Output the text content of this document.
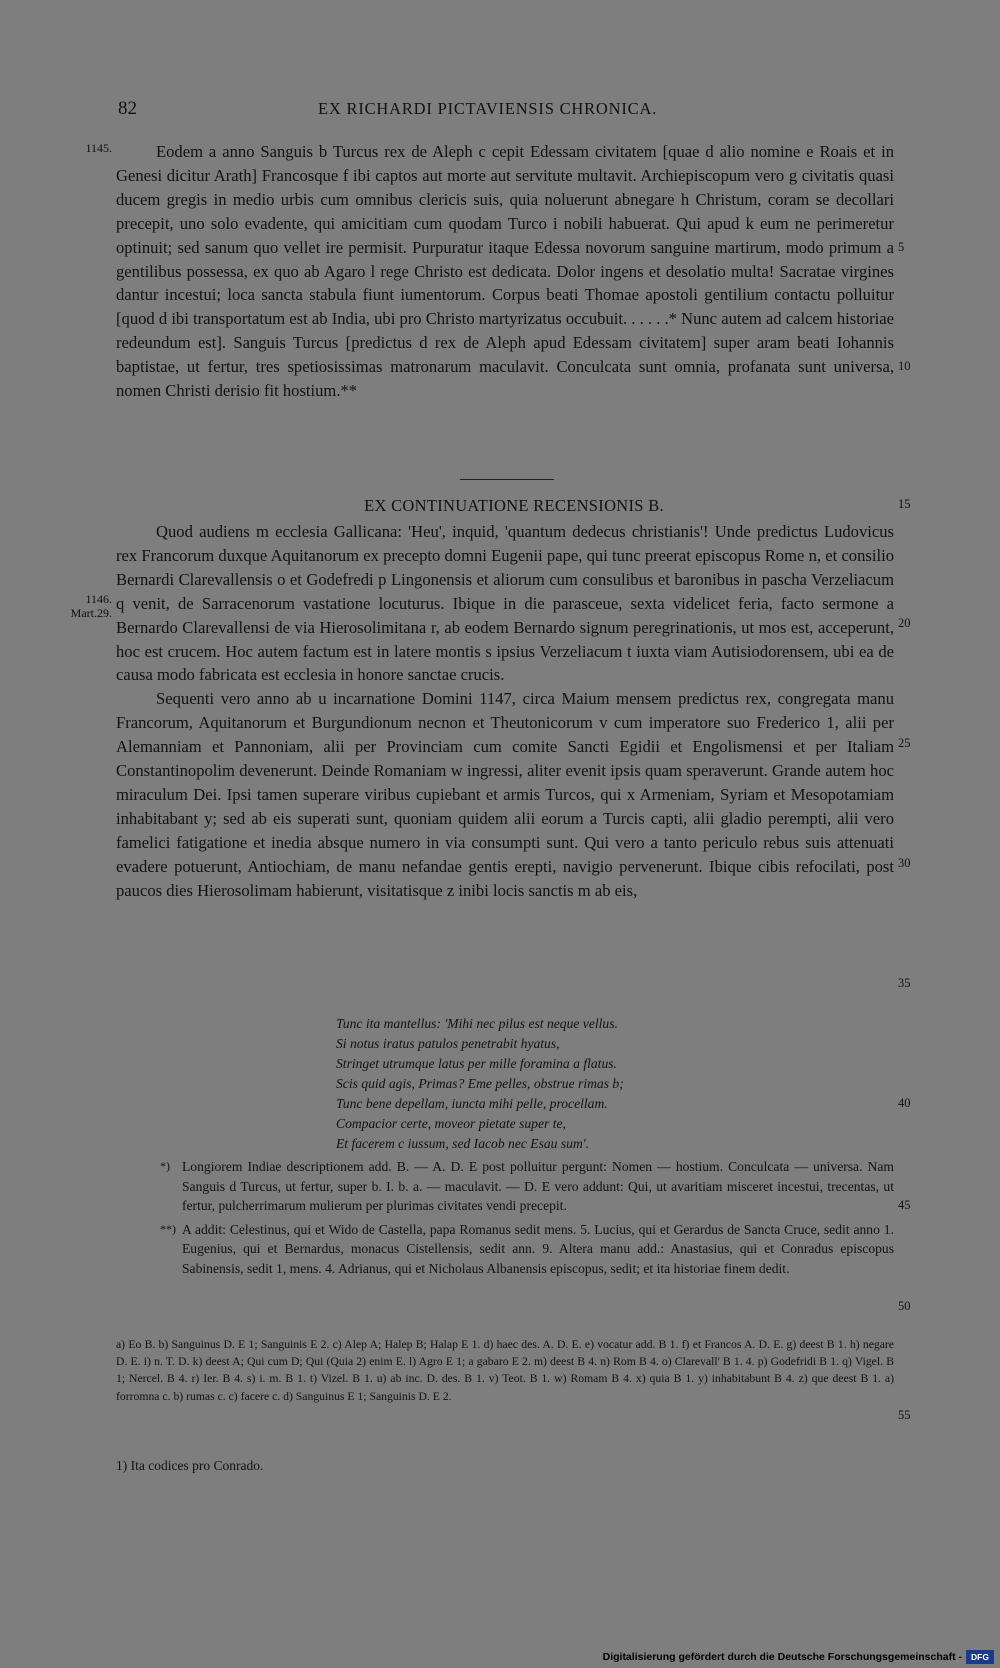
82	EX RICHARDI PICTAVIENSIS CHRONICA.
1145.
1146.
Mart.29.
5
10
15
20
25
30
35
40
45
50
55

Eodem a anno Sanguis b Turcus rex de Aleph c cepit Edessam civitatem [quae d alio nomine e Roais et in Genesi dicitur Arath] Francosque f ibi captos aut morte aut servitute multavit. Archiepiscopum vero g civitatis quasi ducem gregis in medio urbis cum omnibus clericis suis, quia noluerunt abnegare h Christum, coram se decollari precepit, uno solo evadente, qui amicitiam cum quodam Turco i nobili habuerat. Qui apud k eum ne perimeretur optinuit; sed sanum quo vellet ire permisit. Purpuratur itaque Edessa novorum sanguine martirum, modo primum a gentilibus possessa, ex quo ab Agaro l rege Christo est dedicata. Dolor ingens et desolatio multa! Sacratae virgines dantur incestui; loca sancta stabula fiunt iumentorum. Corpus beati Thomae apostoli gentilium contactu polluitur [quod d ibi transportatum est ab India, ubi pro Christo martyrizatus occubuit. . . . . .* Nunc autem ad calcem historiae redeundum est]. Sanguis Turcus [predictus d rex de Aleph apud Edessam civitatem] super aram beati Iohannis baptistae, ut fertur, tres spetiosissimas matronarum maculavit. Conculcata sunt omnia, profanata sunt universa, nomen Christi derisio fit hostium.**

EX CONTINUATIONE RECENSIONIS B.

Quod audiens m ecclesia Gallicana: 'Heu', inquid, 'quantum dedecus christianis'! Unde predictus Ludovicus rex Francorum duxque Aquitanorum ex precepto domni Eugenii pape, qui tunc preerat episcopus Rome n, et consilio Bernardi Clarevallensis o et Godefredi p Lingonensis et aliorum cum consulibus et baronibus in pascha Verzeliacum q venit, de Sarracenorum vastatione locuturus. Ibique in die parasceue, sexta videlicet feria, facto sermone a Bernardo Clarevallensi de via Hierosolimitana r, ab eodem Bernardo signum peregrinationis, ut mos est, acceperunt, hoc est crucem. Hoc autem factum est in latere montis s ipsius Verzeliacum t iuxta viam Autisiodorensem, ubi ea de causa modo fabricata est ecclesia in honore sanctae crucis.

Sequenti vero anno ab u incarnatione Domini 1147, circa Maium mensem predictus rex, congregata manu Francorum, Aquitanorum et Burgundionum necnon et Theutonicorum v cum imperatore suo Frederico 1, alii per Alemanniam et Pannoniam, alii per Provinciam cum comite Sancti Egidii et Engolismensi et per Italiam Constantinopolim devenerunt. Deinde Romaniam w ingressi, aliter evenit ipsis quam speraverunt. Grande autem hoc miraculum Dei. Ipsi tamen superare viribus cupiebant et armis Turcos, qui x Armeniam, Syriam et Mesopotamiam inhabitabant y; sed ab eis superati sunt, quoniam quidem alii eorum a Turcis capti, alii gladio perempti, alii vero famelici fatigatione et inedia absque numero in via consumpti sunt. Qui vero a tanto periculo rebus suis attenuati evadere potuerunt, Antiochiam, de manu nefandae gentis erepti, navigio pervenerunt. Ibique cibis refocilati, post paucos dies Hierosolimam habierunt, visitatisque z inibi locis sanctis m ab eis,

Tunc ita mantellus: 'Mihi nec pilus est neque vellus.
Si notus iratus patulos penetrabit hyatus,
Stringet utrumque latus per mille foramina a flatus.
Scis quid agis, Primas? Eme pelles, obstrue rimas b;
Tunc bene depellam, iuncta mihi pelle, procellam.
Compacior certe, moveor pietate super te,
Et facerem c iussum, sed Iacob nec Esau sum'.
*) Longiorem Indiae descriptionem add. B. — A. D. E post polluitur pergunt: Nomen — hostium. Conculcata — universa. Nam Sanguis d Turcus, ut fertur, super b. I. b. a. — maculavit. — D. E vero addunt: Qui, ut avaritiam misceret incestui, trecentas, ut fertur, pulcherrimarum mulierum per plurimas civitates vendi precepit.
**) A addit: Celestinus, qui et Wido de Castella, papa Romanus sedit mens. 5. Lucius, qui et Gerardus de Sancta Cruce, sedit anno 1. Eugenius, qui et Bernardus, monacus Cistellensis, sedit ann. 9. Altera manu add.: Anastasius, qui et Conradus episcopus Sabinensis, sedit 1, mens. 4. Adrianus, qui et Nicholaus Albanensis episcopus, sedit; et ita historiae finem dedit.
a) Eo B. b) Sanguinus D. E 1; Sanguinis E 2. c) Alep A; Halep B; Halap E 1. d) haec des. A. D. E. e) vocatur add. B 1. f) et Francos A. D. E. g) deest B 1. h) negare D. E. i) n. T. D. k) deest A; Qui cum D; Qui (Quia 2) enim E. l) Agro E 1; a gabaro E 2. m) deest B 4. n) Rom B 4. o) Clarevall' B 1. 4. p) Godefridi B 1. q) Vigel. B 1; Nercel. B 4. r) Ier. B 4. s) i. m. B 1. t) Vizel. B 1. u) ab inc. D. des. B 1. v) Teot. B 1. w) Romam B 4. x) quia B 1. y) inhabitabunt B 4. z) que deest B 1. a) forromna c. b) rumas c. c) facere c. d) Sanguinus E 1; Sanguinis D. E 2.
1) Ita codices pro Conrado.
Digitalisierung gefördert durch die Deutsche Forschungsgemeinschaft -	DFG
